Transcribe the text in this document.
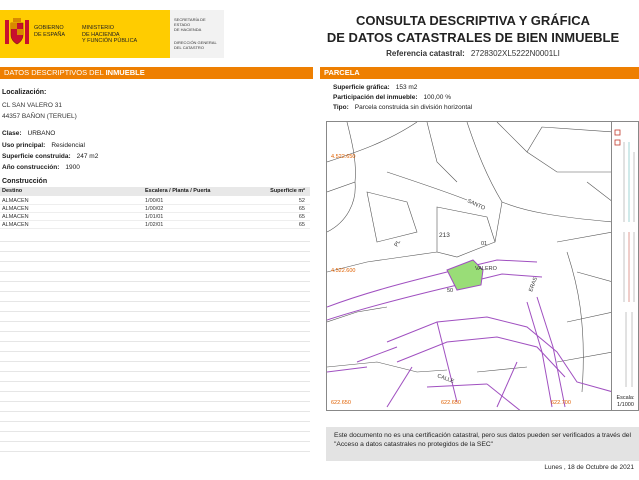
GOBIERNO
DE ESPAÑA
MINISTERIO
DE HACIENDA
Y FUNCIÓN PÚBLICA
SECRETARÍA DE ESTADO
DE HACIENDA
DIRECCIÓN GENERAL
DEL CATASTRO
CONSULTA DESCRIPTIVA Y GRÁFICA
DE DATOS CATASTRALES DE BIEN INMUEBLE
Referencia catastral: 2728302XL5222N0001LI
DATOS DESCRIPTIVOS DEL INMUEBLE	PARCELA
Localización:
CL SAN VALERO 31
44357 BAÑON (TERUEL)
Clase: URBANO
Uso principal: Residencial
Superficie construida: 247 m2
Año construcción: 1900
Construcción
Destino	Escalera / Planta / Puerta	Superficie m²
ALMACEN	1/00/01	52
ALMACEN	1/00/02	65
ALMACEN	1/01/01	65
ALMACEN	1/02/01	65
Superficie gráfica: 153 m2
Participación del inmueble: 100,00 %
Tipo: Parcela construida sin división horizontal
4.522.650
4.522.600
622.650	622.650	622.700
213
01
50
SANTO
VALERO
CALLE
PL
ERAS
Escala:
1/1000
Este documento no es una certificación catastral, pero sus datos pueden ser verificados a través del "Acceso a datos catastrales no protegidos de la SEC"
Lunes , 18 de Octubre de 2021
